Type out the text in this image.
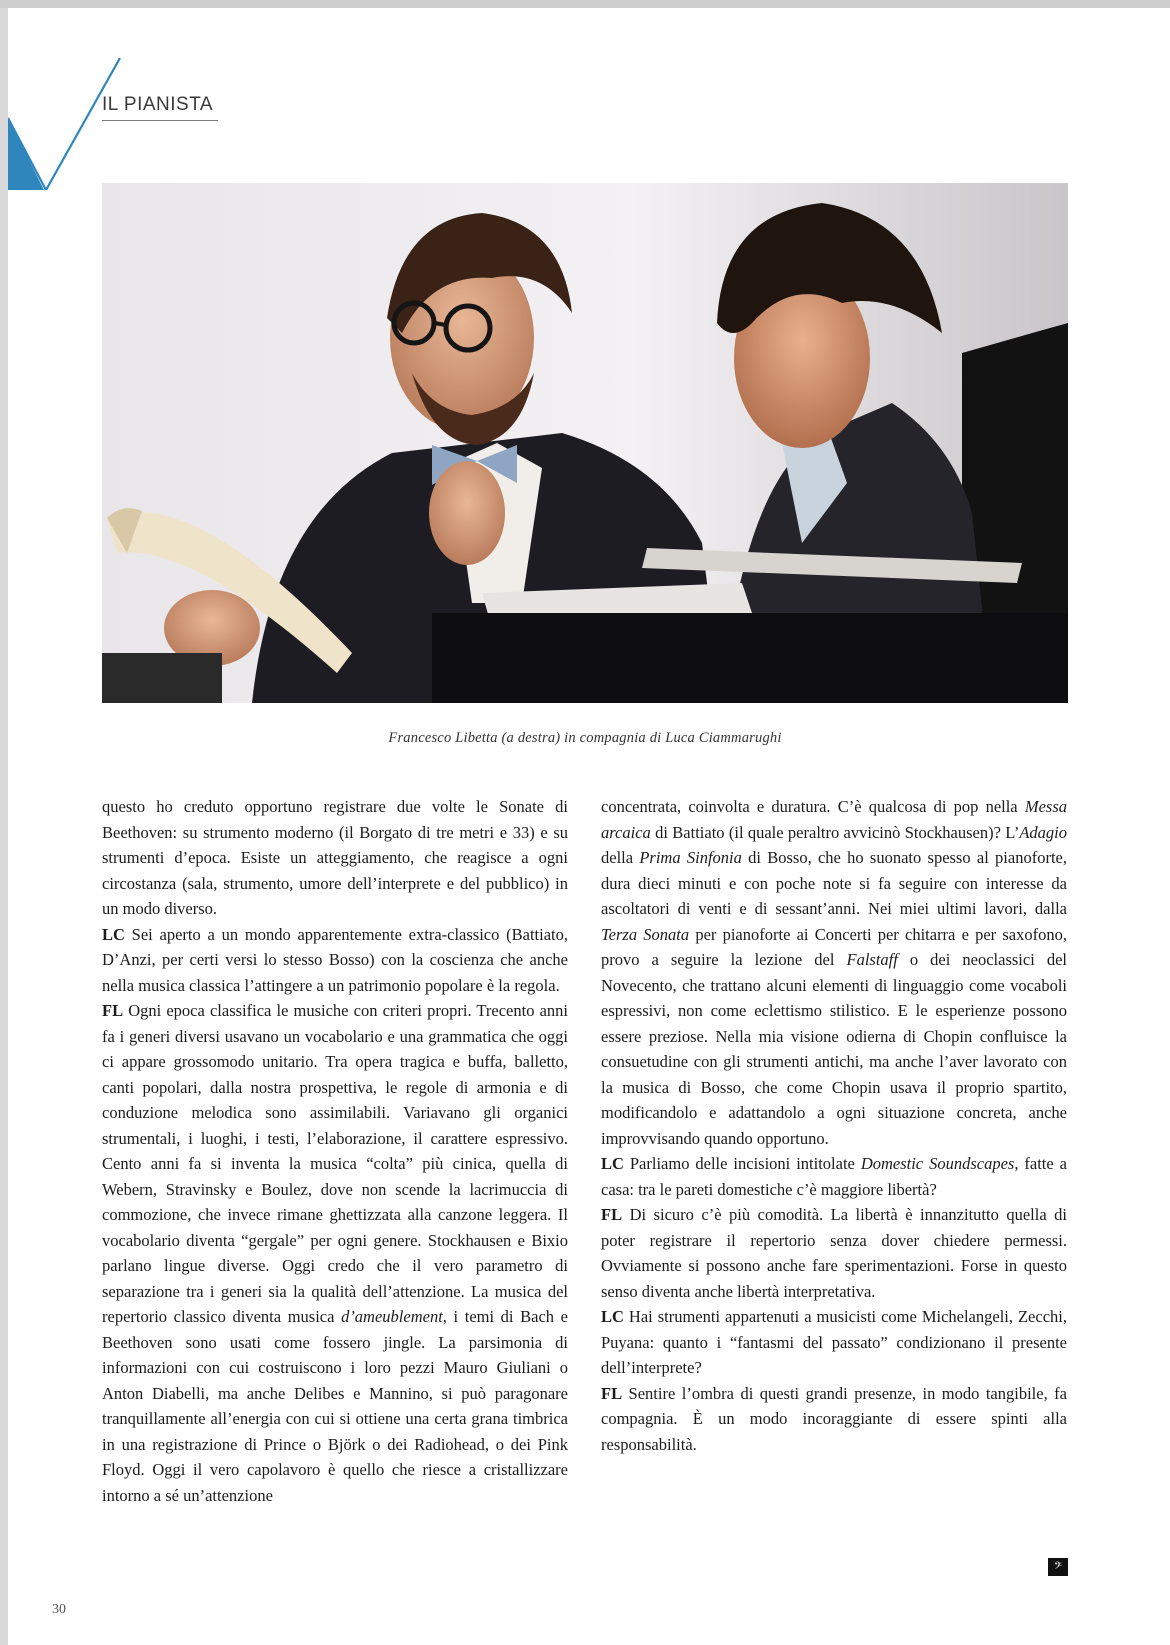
IL PIANISTA
Francesco Libetta (a destra) in compagnia di Luca Ciammarughi

questo ho creduto opportuno registrare due volte le Sonate di Beethoven: su strumento moderno (il Borgato di tre metri e 33) e su strumenti d’epoca. Esiste un atteggiamento, che reagisce a ogni circostanza (sala, strumento, umore dell’interprete e del pubblico) in un modo diverso.

LC Sei aperto a un mondo apparentemente extra-classico (Battiato, D’Anzi, per certi versi lo stesso Bosso) con la coscienza che anche nella musica classica l’attingere a un patrimonio popolare è la regola.

FL Ogni epoca classifica le musiche con criteri propri. Trecento anni fa i generi diversi usavano un vocabolario e una grammatica che oggi ci appare grossomodo unitario. Tra opera tragica e buffa, balletto, canti popolari, dalla nostra prospettiva, le regole di armonia e di conduzione melodica sono assimilabili. Variavano gli organici strumentali, i luoghi, i testi, l’elaborazione, il carattere espressivo. Cento anni fa si inventa la musica “colta” più cinica, quella di Webern, Stravinsky e Boulez, dove non scende la lacrimuccia di commozione, che invece rimane ghettizzata alla canzone leggera. Il vocabolario diventa “gergale” per ogni genere. Stockhausen e Bixio parlano lingue diverse. Oggi credo che il vero parametro di separazione tra i generi sia la qualità dell’attenzione. La musica del repertorio classico diventa musica d’ameublement, i temi di Bach e Beethoven sono usati come fossero jingle. La parsimonia di informazioni con cui costruiscono i loro pezzi Mauro Giuliani o Anton Diabelli, ma anche Delibes e Mannino, si può paragonare tranquillamente all’energia con cui si ottiene una certa grana timbrica in una registrazione di Prince o Björk o dei Radiohead, o dei Pink Floyd. Oggi il vero capolavoro è quello che riesce a cristallizzare intorno a sé un’attenzione

concentrata, coinvolta e duratura. C’è qualcosa di pop nella Messa arcaica di Battiato (il quale peraltro avvicinò Stockhausen)? L’Adagio della Prima Sinfonia di Bosso, che ho suonato spesso al pianoforte, dura dieci minuti e con poche note si fa seguire con interesse da ascoltatori di venti e di sessant’anni. Nei miei ultimi lavori, dalla Terza Sonata per pianoforte ai Concerti per chitarra e per saxofono, provo a seguire la lezione del Falstaff o dei neoclassici del Novecento, che trattano alcuni elementi di linguaggio come vocaboli espressivi, non come eclettismo stilistico. E le esperienze possono essere preziose. Nella mia visione odierna di Chopin confluisce la consuetudine con gli strumenti antichi, ma anche l’aver lavorato con la musica di Bosso, che come Chopin usava il proprio spartito, modificandolo e adattandolo a ogni situazione concreta, anche improvvisando quando opportuno.

LC Parliamo delle incisioni intitolate Domestic Soundscapes, fatte a casa: tra le pareti domestiche c’è maggiore libertà?

FL Di sicuro c’è più comodità. La libertà è innanzitutto quella di poter registrare il repertorio senza dover chiedere permessi. Ovviamente si possono anche fare sperimentazioni. Forse in questo senso diventa anche libertà interpretativa.

LC Hai strumenti appartenuti a musicisti come Michelangeli, Zecchi, Puyana: quanto i “fantasmi del passato” condizionano il presente dell’interprete?

FL Sentire l’ombra di questi grandi presenze, in modo tangibile, fa compagnia. È un modo incoraggiante di essere spinti alla responsabilità.

30
𝄢
